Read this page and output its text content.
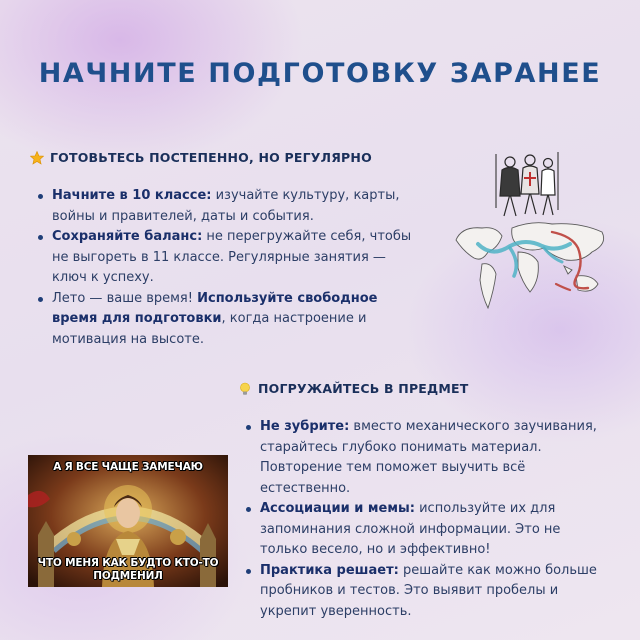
НАЧНИТЕ ПОДГОТОВКУ ЗАРАНЕЕ
ГОТОВЬТЕСЬ ПОСТЕПЕННО, НО РЕГУЛЯРНО
Начните в 10 классе: изучайте культуру, карты,
войны и правителей, даты и события.
Сохраняйте баланс: не перегружайте себя, чтобы
не выгореть в 11 классе. Регулярные занятия —
ключ к успеху.
Лето — ваше время! Используйте свободное
время для подготовки, когда настроение и
мотивация на высоте.
ПОГРУЖАЙТЕСЬ В ПРЕДМЕТ
Не зубрите: вместо механического заучивания,
старайтесь глубоко понимать материал.
Повторение тем поможет выучить всё
естественно.
Ассоциации и мемы: используйте их для
запоминания сложной информации. Это не
только весело, но и эффективно!
Практика решает: решайте как можно больше
пробников и тестов. Это выявит пробелы и
укрепит уверенность.
А Я ВСЕ ЧАЩЕ ЗАМЕЧАЮ
ЧТО МЕНЯ КАК БУДТО КТО-ТО
ПОДМЕНИЛ
